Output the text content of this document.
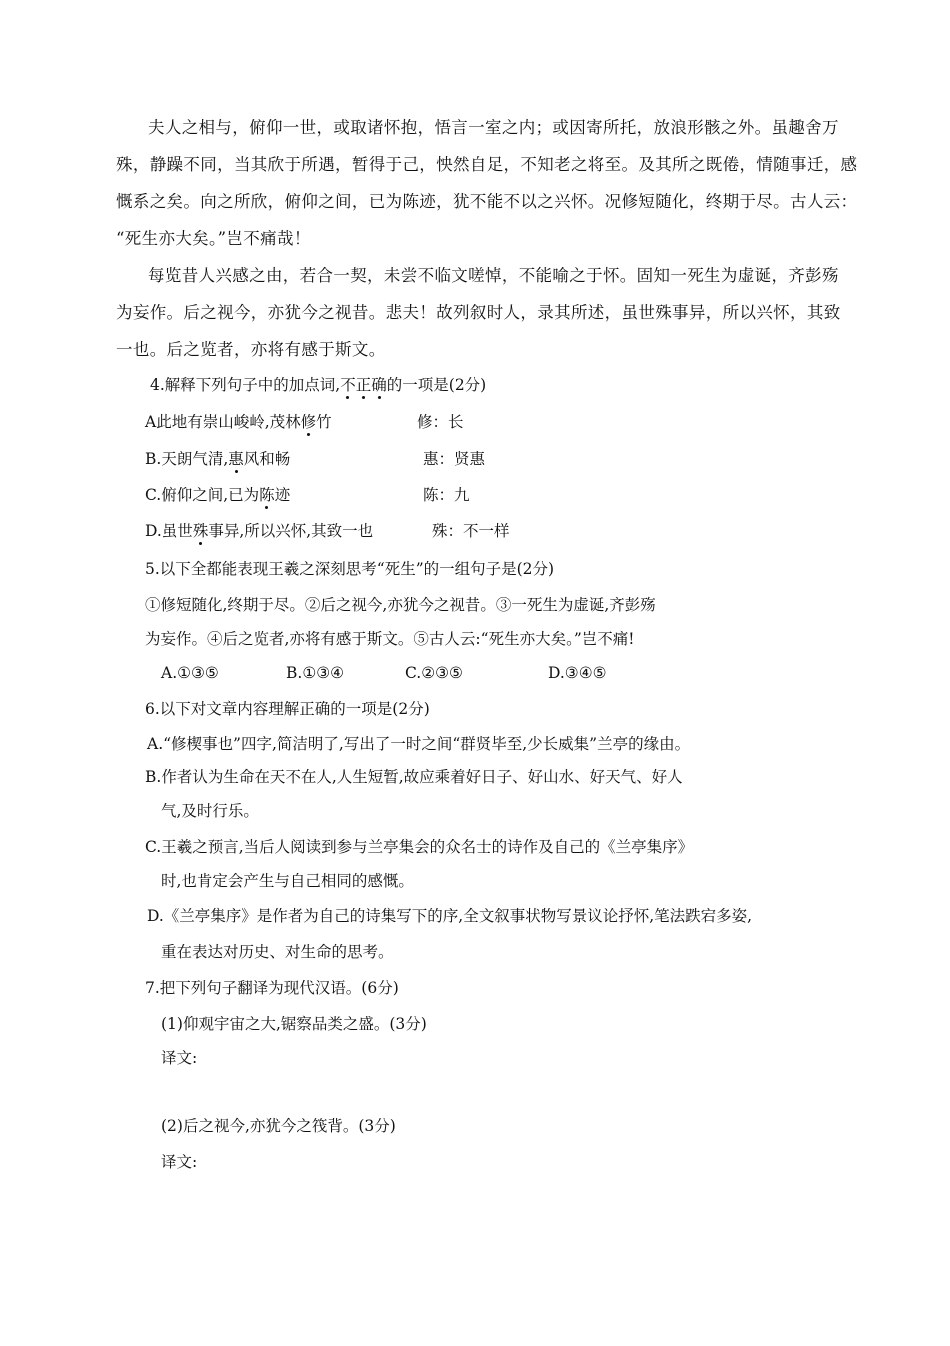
夫人之相与，俯仰一世，或取诸怀抱，悟言一室之内；或因寄所托，放浪形骸之外。虽趣舍万
殊，静躁不同，当其欣于所遇，暂得于己，怏然自足，不知老之将至。及其所之既倦，情随事迁，感
慨系之矣。向之所欣，俯仰之间，已为陈迹，犹不能不以之兴怀。况修短随化，终期于尽。古人云：
“死生亦大矣。”岂不痛哉！
每览昔人兴感之由，若合一契，未尝不临文嗟悼，不能喻之于怀。固知一死生为虚诞，齐彭殇
为妄作。后之视今，亦犹今之视昔。悲夫！故列叙时人，录其所述，虽世殊事异，所以兴怀，其致
一也。后之览者，亦将有感于斯文。
4.解释下列句子中的加点词,不正确的一项是(2分)
A此地有崇山峻岭,茂林修竹	修：长
B.天朗气清,惠风和畅	惠：贤惠
C.俯仰之间,已为陈迹	陈：九
D.虽世殊事异,所以兴怀,其致一也	殊：不一样
5.以下全都能表现王羲之深刻思考“死生”的一组句子是(2分)
①修短随化,终期于尽。②后之视今,亦犹今之视昔。③一死生为虚诞,齐彭殇
为妄作。④后之览者,亦将有感于斯文。⑤古人云:“死生亦大矣。”岂不痛!
A.①③⑤	B.①③④	C.②③⑤	D.③④⑤
6.以下对文章内容理解正确的一项是(2分)
A.“修楔事也”四字,简洁明了,写出了一时之间“群贤毕至,少长威集”兰亭的缘由。
B.作者认为生命在天不在人,人生短暂,故应乘着好日子、好山水、好天气、好人
气,及时行乐。
C.王羲之预言,当后人阅读到参与兰亭集会的众名士的诗作及自己的《兰亭集序》
时,也肯定会产生与自己相同的感慨。
D.《兰亭集序》是作者为自己的诗集写下的序,全文叙事状物写景议论抒怀,笔法跌宕多姿,
重在表达对历史、对生命的思考。
7.把下列句子翻译为现代汉语。(6分)
(1)仰观宇宙之大,锯察品类之盛。(3分)
译文:
(2)后之视今,亦犹今之筏背。(3分)
译文:
